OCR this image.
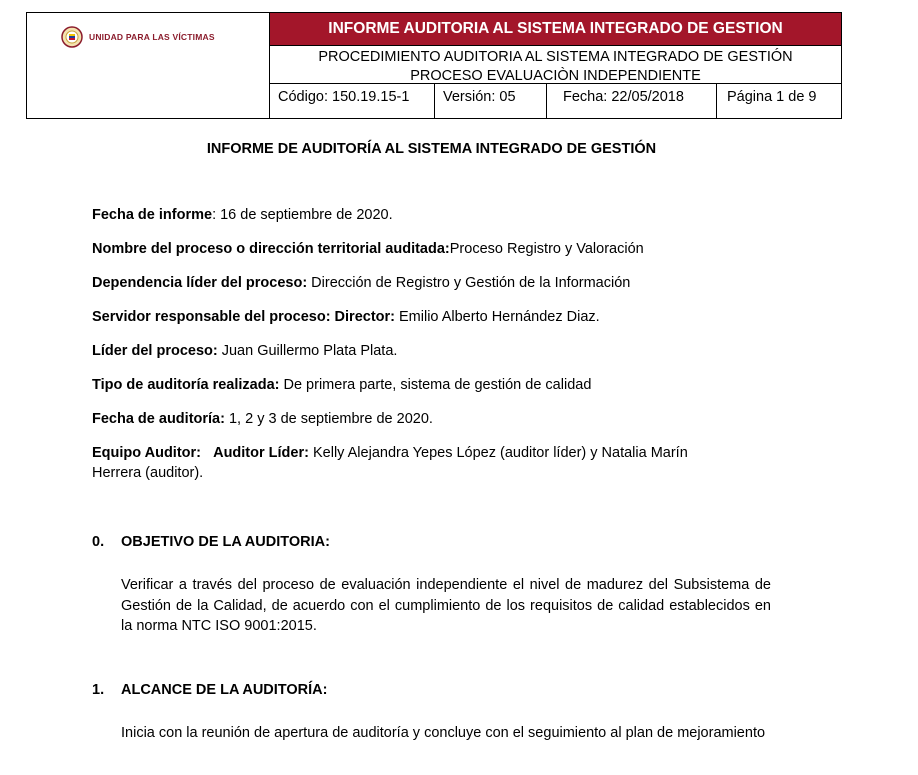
UNIDAD PARA LAS VÍCTIMAS	INFORME AUDITORIA AL SISTEMA INTEGRADO DE GESTION
PROCEDIMIENTO AUDITORIA AL SISTEMA INTEGRADO DE GESTIÓN
PROCESO EVALUACIÒN INDEPENDIENTE
Código: 150.19.15-1	Versión: 05	Fecha: 22/05/2018	Página 1 de 9
INFORME DE AUDITORÍA AL SISTEMA INTEGRADO DE GESTIÓN
Fecha de informe: 16 de septiembre de 2020.
Nombre del proceso o dirección territorial auditada:Proceso Registro y Valoración
Dependencia líder del proceso: Dirección de Registro y Gestión de la Información
Servidor responsable del proceso: Director: Emilio Alberto Hernández Diaz.
Líder del proceso: Juan Guillermo Plata Plata.
Tipo de auditoría realizada: De primera parte, sistema de gestión de calidad
Fecha de auditoría: 1, 2 y 3 de septiembre de 2020.
Equipo Auditor: Auditor Líder: Kelly Alejandra Yepes López (auditor líder) y Natalia Marín
Herrera (auditor).
0. OBJETIVO DE LA AUDITORIA:
Verificar a través del proceso de evaluación independiente el nivel de madurez del Subsistema de Gestión de la Calidad, de acuerdo con el cumplimiento de los requisitos de calidad establecidos en la norma NTC ISO 9001:2015.
1. ALCANCE DE LA AUDITORÍA:
Inicia con la reunión de apertura de auditoría y concluye con el seguimiento al plan de mejoramiento
